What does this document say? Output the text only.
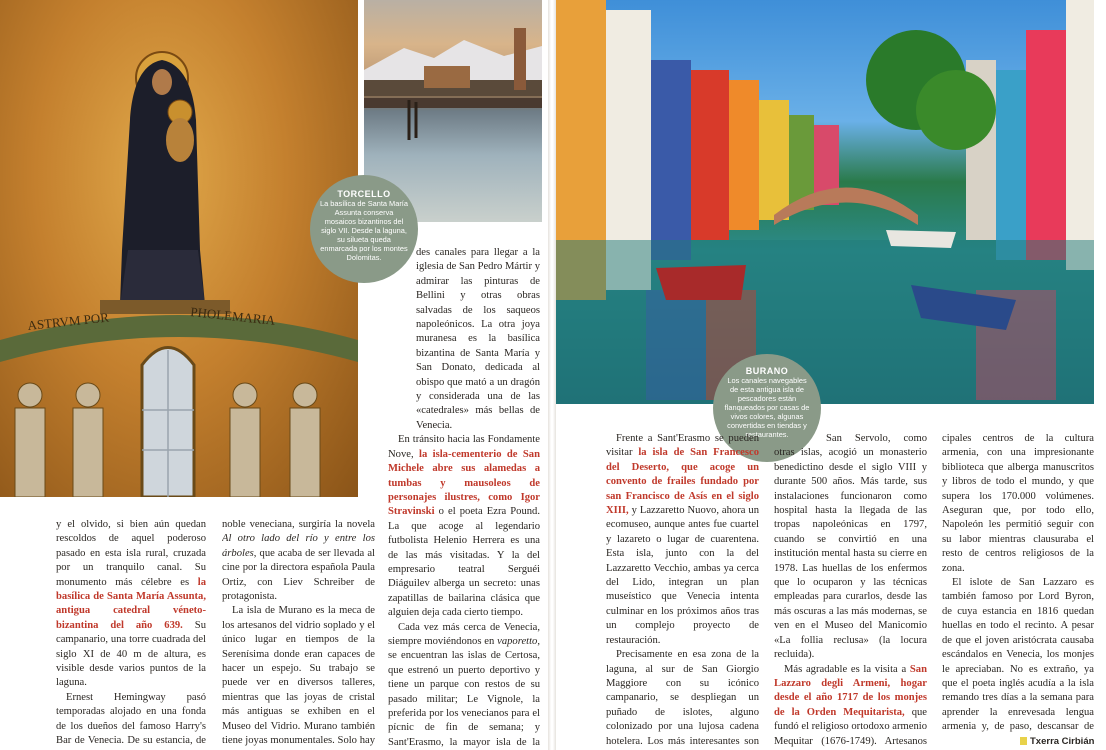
ASTRVM POR	PHOLEMARIA
TORCELLO
La basílica de Santa María Assunta conserva mosaicos bizantinos del siglo VII. Desde la laguna, su silueta queda enmarcada por los montes Dolomitas.

y el olvido, si bien aún quedan rescoldos de aquel poderoso pasado en esta isla rural, cruzada por un tranquilo canal. Su monumento más célebre es la basílica de Santa María Assunta, antigua catedral véneto-bizantina del año 639. Su campanario, una torre cuadrada del siglo XI de 40 m de altura, es visible desde varios puntos de la laguna.

Ernest Hemingway pasó temporadas alojado en una fonda de los dueños del famoso Harry's Bar de Venecia. De su estancia, de

noble veneciana, surgiría la novela Al otro lado del río y entre los árboles, que acaba de ser llevada al cine por la directora española Paula Ortiz, con Liev Schreiber de protagonista.

La isla de Murano es la meca de los artesanos del vidrio soplado y el único lugar en tiempos de la Serenísima donde eran capaces de hacer un espejo. Su trabajo se puede ver en diversos talleres, mientras que las joyas de cristal más antiguas se exhiben en el Museo del Vidrio. Murano también tiene joyas monumentales. Solo hay

des canales para llegar a la iglesia de San Pedro Mártir y admirar las pinturas de Bellini y otras obras salvadas de los saqueos napoleónicos. La otra joya muranesa es la basílica bizantina de Santa María y San Donato, dedicada al obispo que mató a un dragón y considerada una de las «catedrales» más bellas de Venecia.

En tránsito hacia las Fondamente Nove, la isla-cementerio de San Michele abre sus alamedas a tumbas y mausoleos de personajes ilustres, como Igor Stravinski o el poeta Ezra Pound. La que acoge al legendario futbolista Helenio Herrera es una de las más visitadas. Y la del empresario teatral Serguéi Diáguilev alberga un secreto: unas zapatillas de bailarina clásica que alguien deja cada cierto tiempo.

Cada vez más cerca de Venecia, siempre moviéndonos en vaporetto, se encuentran las islas de Certosa, que estrenó un puerto deportivo y tiene un parque con restos de su pasado militar; Le Vignole, la preferida por los venecianos para el pícnic de fin de semana; y Sant'Erasmo, la mayor isla de la

BURANO
Los canales navegables de esta antigua isla de pescadores están flanqueados por casas de vivos colores, algunas convertidas en tiendas y restaurantes.

Frente a Sant'Erasmo se pueden visitar la isla de San Francesco del Deserto, que acoge un convento de frailes fundado por san Francisco de Asís en el siglo XIII, y Lazzaretto Nuovo, ahora un ecomuseo, aunque antes fue cuartel y lazareto o lugar de cuarentena. Esta isla, junto con la del Lazzaretto Vecchio, ambas ya cerca del Lido, integran un plan museístico que Venecia intenta culminar en los próximos años tras un complejo proyecto de restauración.

Precisamente en esa zona de la laguna, al sur de San Giorgio Maggiore con su icónico campanario, se despliegan un puñado de islotes, alguno colonizado por una lujosa cadena hotelera. Los más interesantes son

San Servolo, como otras islas, acogió un monasterio benedictino desde el siglo VIII y durante 500 años. Más tarde, sus instalaciones funcionaron como hospital hasta la llegada de las tropas napoleónicas en 1797, cuando se convirtió en una institución mental hasta su cierre en 1978. Las huellas de los enfermos que lo ocuparon y las técnicas empleadas para curarlos, desde las más oscuras a las más modernas, se ven en el Museo del Manicomio «La follia reclusa» (la locura recluida).

Más agradable es la visita a San Lazzaro degli Armeni, hogar desde el año 1717 de los monjes de la Orden Mequitarista, que fundó el religioso ortodoxo armenio Mequitar (1676-1749). Artesanos

cipales centros de la cultura armenia, con una impresionante biblioteca que alberga manuscritos y libros de todo el mundo, y que supera los 170.000 volúmenes. Aseguran que, por todo ello, Napoleón les permitió seguir con su labor mientras clausuraba el resto de centros religiosos de la zona.

El islote de San Lazzaro es también famoso por Lord Byron, de cuya estancia en 1816 quedan huellas en todo el recinto. A pesar de que el joven aristócrata causaba escándalos en Venecia, los monjes le apreciaban. No es extraño, ya que el poeta inglés acudía a la isla remando tres días a la semana para aprender la enrevesada lengua armenia y, de paso, descansar de

Txerra Cirbián
